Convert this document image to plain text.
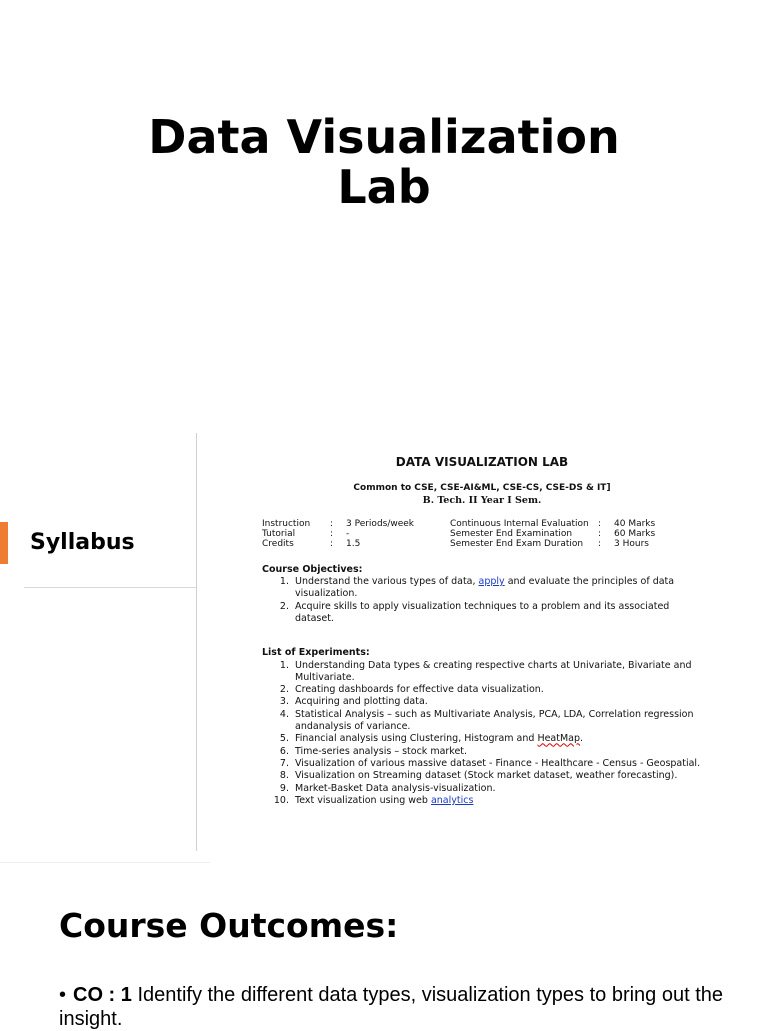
Data Visualization
Lab
Syllabus
DATA VISUALIZATION LAB
Common to CSE, CSE-AI&ML, CSE-CS, CSE-DS & IT]
B. Tech. II Year I Sem.
Instruction	:	3 Periods/week	Continuous Internal Evaluation	:	40 Marks
Tutorial	:	-	Semester End Examination	:	60 Marks
Credits	:	1.5	Semester End Exam Duration	:	3 Hours
Course Objectives:
1. Understand the various types of data, apply and evaluate the principles of data visualization.
2. Acquire skills to apply visualization techniques to a problem and its associated dataset.
List of Experiments:
1. Understanding Data types & creating respective charts at Univariate, Bivariate and Multivariate.
2. Creating dashboards for effective data visualization.
3. Acquiring and plotting data.
4. Statistical Analysis – such as Multivariate Analysis, PCA, LDA, Correlation regression andanalysis of variance.
5. Financial analysis using Clustering, Histogram and HeatMap.
6. Time-series analysis – stock market.
7. Visualization of various massive dataset - Finance - Healthcare - Census - Geospatial.
8. Visualization on Streaming dataset (Stock market dataset, weather forecasting).
9. Market-Basket Data analysis-visualization.
10. Text visualization using web analytics
Course Outcomes:
• CO : 1 Identify the different data types, visualization types to bring out the insight.
